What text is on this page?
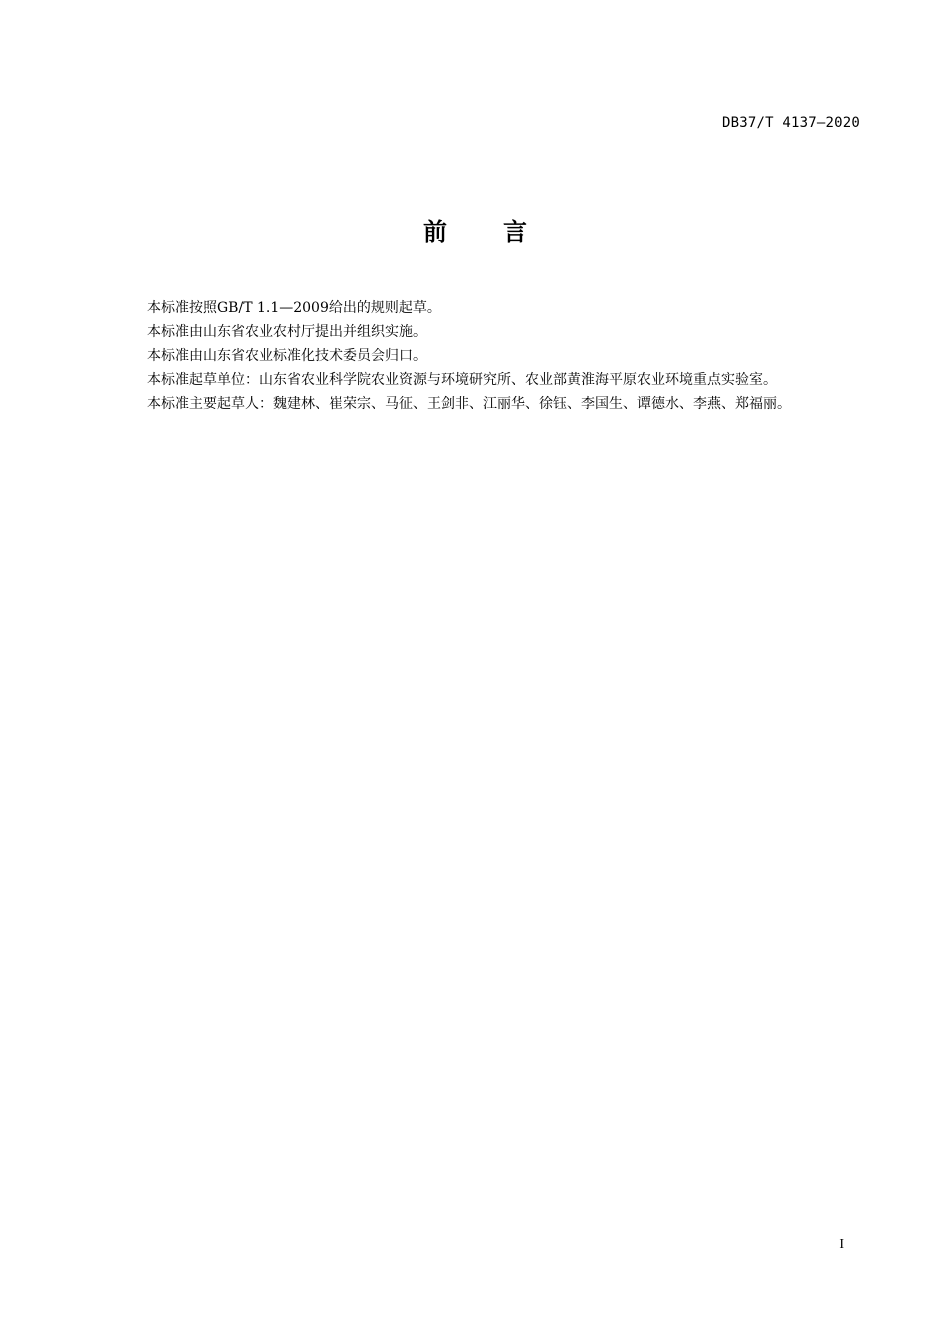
DB37/T 4137—2020
前言

本标准按照GB/T 1.1—2009给出的规则起草。

本标准由山东省农业农村厅提出并组织实施。

本标准由山东省农业标准化技术委员会归口。

本标准起草单位：山东省农业科学院农业资源与环境研究所、农业部黄淮海平原农业环境重点实验室。

本标准主要起草人：魏建林、崔荣宗、马征、王剑非、江丽华、徐钰、李国生、谭德水、李燕、郑福丽。

I
